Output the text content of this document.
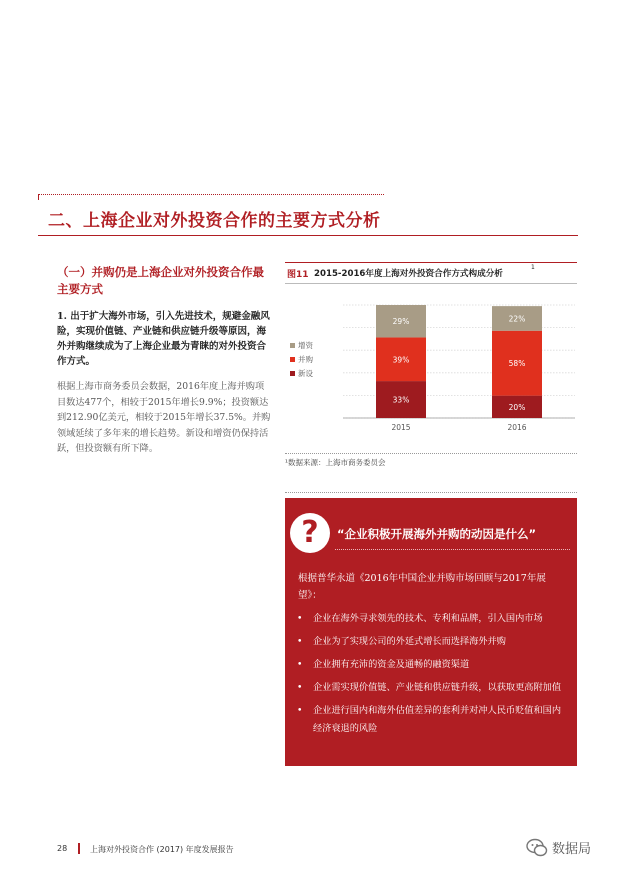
二、上海企业对外投资合作的主要方式分析
（一）并购仍是上海企业对外投资合作最主要方式
1. 出于扩大海外市场，引入先进技术，规避金融风险，实现价值链、产业链和供应链升级等原因，海外并购继续成为了上海企业最为青睐的对外投资合作方式。
根据上海市商务委员会数据，2016年度上海并购项目数达477个，相较于2015年增长9.9%；投资额达到212.90亿美元，相较于2015年增长37.5%。并购领域延续了多年来的增长趋势。新设和增资仍保持活跃，但投资额有所下降。
图11 2015-2016年度上海对外投资合作方式构成分析
1
33%
39%
29%
2015
20%
58%
22%
2016
增资
并购
新设
¹数据来源：上海市商务委员会
?	“企业积极开展海外并购的动因是什么”
根据普华永道《2016年中国企业并购市场回顾与2017年展望》：
• 企业在海外寻求领先的技术、专利和品牌，引入国内市场
• 企业为了实现公司的外延式增长而选择海外并购
• 企业拥有充沛的资金及通畅的融资渠道
• 企业需实现价值链、产业链和供应链升级，以获取更高附加值
• 企业进行国内和海外估值差异的套利并对冲人民币贬值和国内经济衰退的风险
28	上海对外投资合作 (2017) 年度发展报告	数据局
